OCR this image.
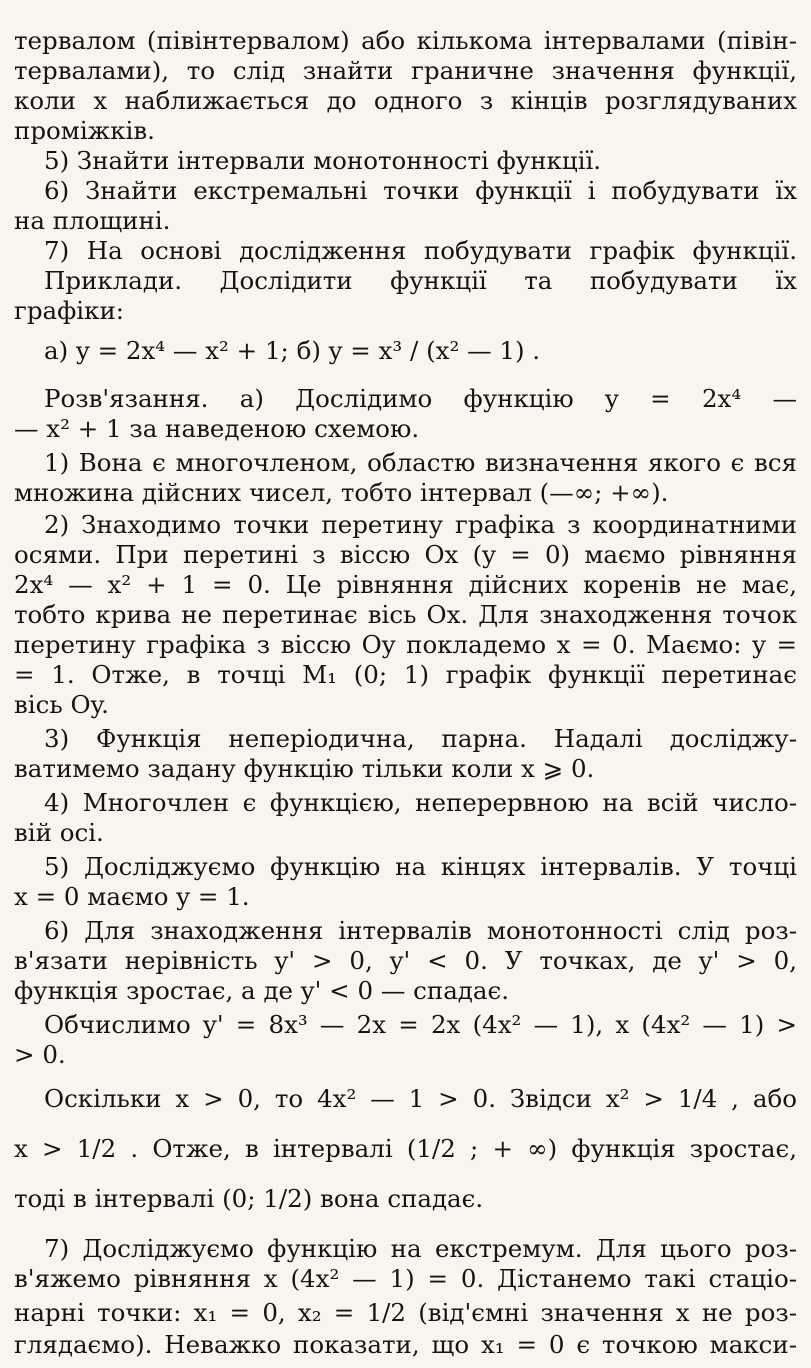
тервалом (півінтервалом) або кількома інтервалами (півін-
тервалами), то слід знайти граничне значення функції,
коли x наближається до одного з кінців розглядуваних
проміжків.
5) Знайти інтервали монотонності функції.
6) Знайти екстремальні точки функції і побудувати їх
на площині.
7) На основі дослідження побудувати графік функції.
Приклади. Дослідити функції та побудувати їх
графіки:
а) y = 2x⁴ — x² + 1; б) y = x³ / (x² — 1) .
Розв'язання. а) Дослідимо функцію y = 2x⁴ —
— x² + 1 за наведеною схемою.
1) Вона є многочленом, областю визначення якого є вся
множина дійсних чисел, тобто інтервал (—∞; +∞).
2) Знаходимо точки перетину графіка з координатними
осями. При перетині з віссю Ox (y = 0) маємо рівняння
2x⁴ — x² + 1 = 0. Це рівняння дійсних коренів не має,
тобто крива не перетинає вісь Ox. Для знаходження точок
перетину графіка з віссю Oy покладемо x = 0. Маємо: y =
= 1. Отже, в точці M₁ (0; 1) графік функції перетинає
вісь Oy.
3) Функція неперіодична, парна. Надалі досліджу-
ватимемо задану функцію тільки коли x ⩾ 0.
4) Многочлен є функцією, неперервною на всій число-
вій осі.
5) Досліджуємо функцію на кінцях інтервалів. У точці
x = 0 маємо y = 1.
6) Для знаходження інтервалів монотонності слід роз-
в'язати нерівність y' > 0, y' < 0. У точках, де y' > 0,
функція зростає, а де y' < 0 — спадає.
Обчислимо y' = 8x³ — 2x = 2x (4x² — 1), x (4x² — 1) >
> 0.
Оскільки x > 0, то 4x² — 1 > 0. Звідси x² > 1/4 , або
x > 1/2 . Отже, в інтервалі (1/2 ; + ∞) функція зростає,
тоді в інтервалі (0; 1/2) вона спадає.
7) Досліджуємо функцію на екстремум. Для цього роз-
в'яжемо рівняння x (4x² — 1) = 0. Дістанемо такі стаціо-
нарні точки: x₁ = 0, x₂ = 1/2 (від'ємні значення x не роз-
глядаємо). Неважко показати, що x₁ = 0 є точкою макси-
